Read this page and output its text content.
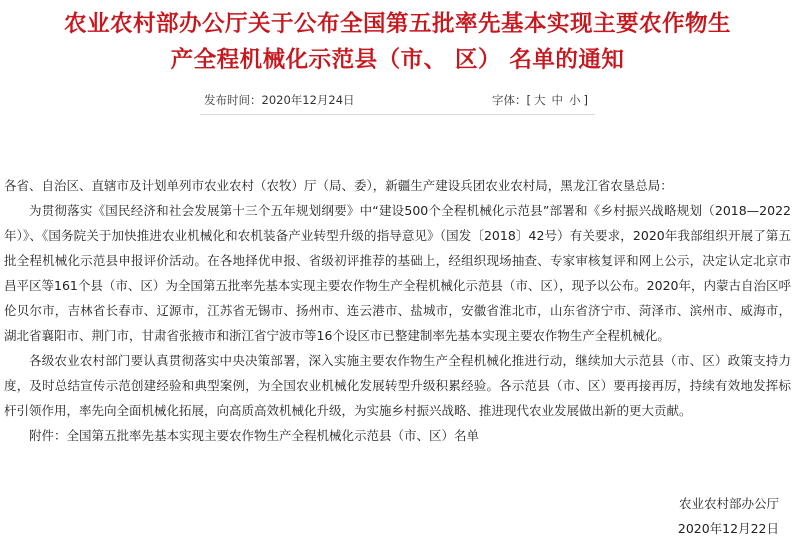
农业农村部办公厅关于公布全国第五批率先基本实现主要农作物生
产全程机械化示范县（市、 区） 名单的通知
发布时间：2020年12月24日	字体：[ 大 中 小 ]

各省、自治区、直辖市及计划单列市农业农村（农牧）厅（局、委），新疆生产建设兵团农业农村局，黑龙江省农垦总局：

为贯彻落实《国民经济和社会发展第十三个五年规划纲要》中“建设500个全程机械化示范县”部署和《乡村振兴战略规划（2018—2022年）》、《国务院关于加快推进农业机械化和农机装备产业转型升级的指导意见》（国发〔2018〕42号）有关要求，2020年我部组织开展了第五批全程机械化示范县申报评价活动。在各地择优申报、省级初评推荐的基础上，经组织现场抽查、专家审核复评和网上公示，决定认定北京市昌平区等161个县（市、区）为全国第五批率先基本实现主要农作物生产全程机械化示范县（市、区），现予以公布。2020年，内蒙古自治区呼伦贝尔市，吉林省长春市、辽源市，江苏省无锡市、扬州市、连云港市、盐城市，安徽省淮北市，山东省济宁市、菏泽市、滨州市、威海市，湖北省襄阳市、荆门市，甘肃省张掖市和浙江省宁波市等16个设区市已整建制率先基本实现主要农作物生产全程机械化。

各级农业农村部门要认真贯彻落实中央决策部署，深入实施主要农作物生产全程机械化推进行动，继续加大示范县（市、区）政策支持力度，及时总结宣传示范创建经验和典型案例，为全国农业机械化发展转型升级积累经验。各示范县（市、区）要再接再厉，持续有效地发挥标杆引领作用，率先向全面机械化拓展，向高质高效机械化升级，为实施乡村振兴战略、推进现代农业发展做出新的更大贡献。

附件：全国第五批率先基本实现主要农作物生产全程机械化示范县（市、区）名单

农业农村部办公厅
2020年12月22日
